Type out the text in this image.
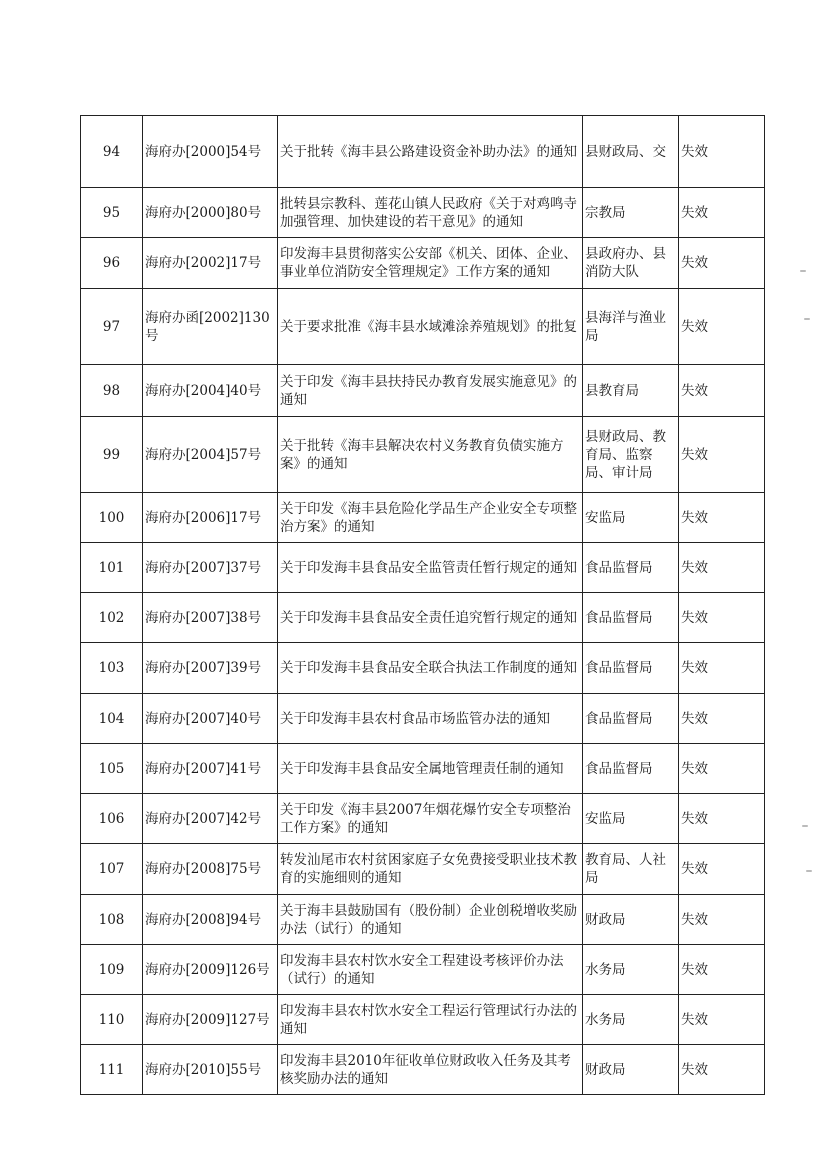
94	海府办[2000]54号	关于批转《海丰县公路建设资金补助办法》的通知	县财政局、交	失效
95	海府办[2000]80号	批转县宗教科、莲花山镇人民政府《关于对鸡鸣寺加强管理、加快建设的若干意见》的通知	宗教局	失效
96	海府办[2002]17号	印发海丰县贯彻落实公安部《机关、团体、企业、事业单位消防安全管理规定》工作方案的通知	县政府办、县消防大队	失效
97	海府办函[2002]130号	关于要求批准《海丰县水域滩涂养殖规划》的批复	县海洋与渔业局	失效
98	海府办[2004]40号	关于印发《海丰县扶持民办教育发展实施意见》的通知	县教育局	失效
99	海府办[2004]57号	关于批转《海丰县解决农村义务教育负债实施方案》的通知	县财政局、教育局、监察局、审计局	失效
100	海府办[2006]17号	关于印发《海丰县危险化学品生产企业安全专项整治方案》的通知	安监局	失效
101	海府办[2007]37号	关于印发海丰县食品安全监管责任暂行规定的通知	食品监督局	失效
102	海府办[2007]38号	关于印发海丰县食品安全责任追究暂行规定的通知	食品监督局	失效
103	海府办[2007]39号	关于印发海丰县食品安全联合执法工作制度的通知	食品监督局	失效
104	海府办[2007]40号	关于印发海丰县农村食品市场监管办法的通知	食品监督局	失效
105	海府办[2007]41号	关于印发海丰县食品安全属地管理责任制的通知	食品监督局	失效
106	海府办[2007]42号	关于印发《海丰县2007年烟花爆竹安全专项整治工作方案》的通知	安监局	失效
107	海府办[2008]75号	转发汕尾市农村贫困家庭子女免费接受职业技术教育的实施细则的通知	教育局、人社局	失效
108	海府办[2008]94号	关于海丰县鼓励国有（股份制）企业创税增收奖励办法（试行）的通知	财政局	失效
109	海府办[2009]126号	印发海丰县农村饮水安全工程建设考核评价办法（试行）的通知	水务局	失效
110	海府办[2009]127号	印发海丰县农村饮水安全工程运行管理试行办法的通知	水务局	失效
111	海府办[2010]55号	印发海丰县2010年征收单位财政收入任务及其考核奖励办法的通知	财政局	失效
